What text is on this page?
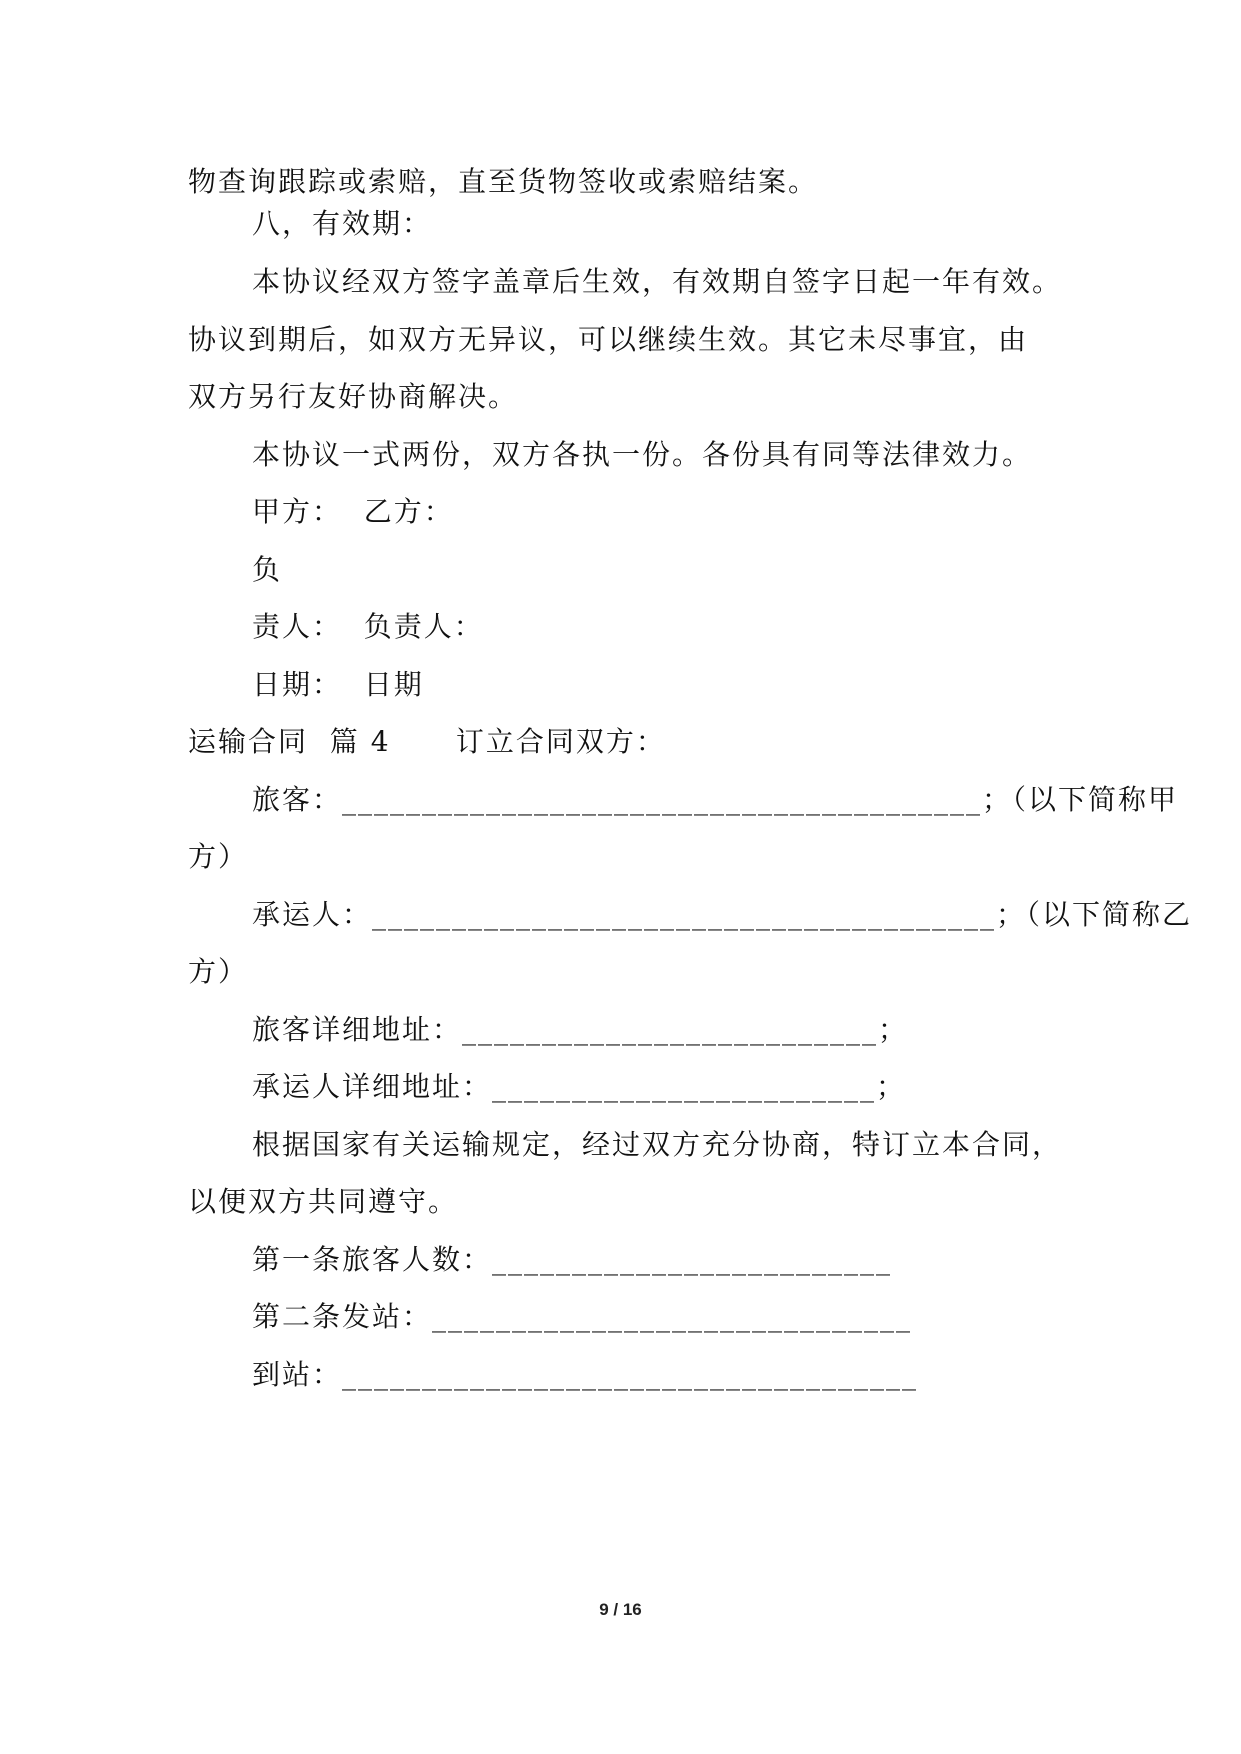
物查询跟踪或索赔，直至货物签收或索赔结案。
八，有效期：
本协议经双方签字盖章后生效，有效期自签字日起一年有效。
协议到期后，如双方无异议，可以继续生效。其它未尽事宜，由
双方另行友好协商解决。
本协议一式两份，双方各执一份。各份具有同等法律效力。
甲方：  乙方：
负
责人：  负责人：
日期：  日期
运输合同  篇 4      订立合同双方：
旅客：________________________________________；（以下简称甲
方）
承运人：_______________________________________；（以下简称乙
方）
旅客详细地址：__________________________；
承运人详细地址：________________________；
根据国家有关运输规定，经过双方充分协商，特订立本合同，
以便双方共同遵守。
第一条旅客人数：_________________________
第二条发站：______________________________
到站：____________________________________
9 / 16
